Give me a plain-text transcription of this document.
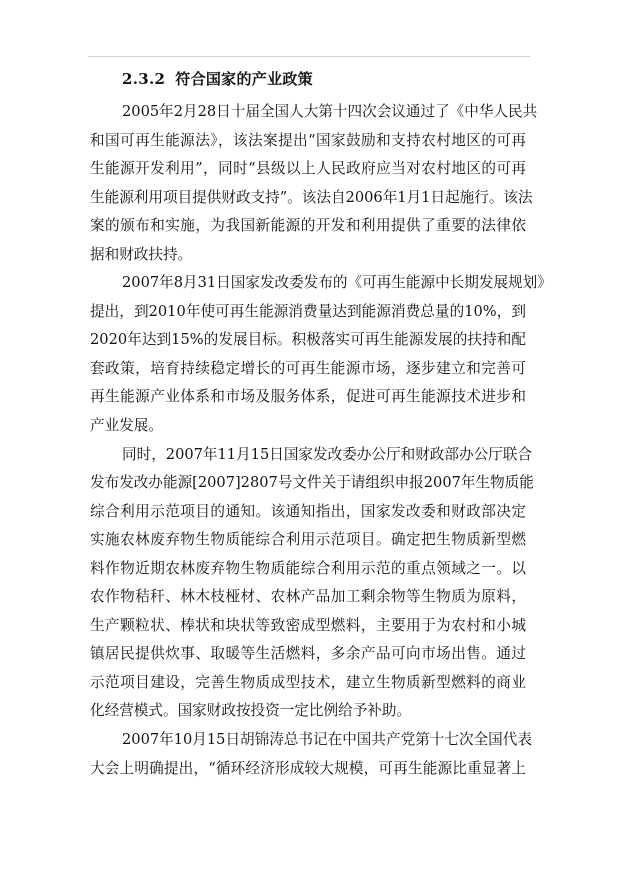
2.3.2 符合国家的产业政策
2005年2月28日十届全国人大第十四次会议通过了《中华人民共
和国可再生能源法》，该法案提出“国家鼓励和支持农村地区的可再
生能源开发利用”，同时“县级以上人民政府应当对农村地区的可再
生能源利用项目提供财政支持”。该法自2006年1月1日起施行。该法
案的颁布和实施，为我国新能源的开发和利用提供了重要的法律依
据和财政扶持。
2007年8月31日国家发改委发布的《可再生能源中长期发展规划》
提出，到2010年使可再生能源消费量达到能源消费总量的10%，到
2020年达到15%的发展目标。积极落实可再生能源发展的扶持和配
套政策，培育持续稳定增长的可再生能源市场，逐步建立和完善可
再生能源产业体系和市场及服务体系，促进可再生能源技术进步和
产业发展。
同时，2007年11月15日国家发改委办公厅和财政部办公厅联合
发布发改办能源[2007]2807号文件关于请组织申报2007年生物质能
综合利用示范项目的通知。该通知指出，国家发改委和财政部决定
实施农林废弃物生物质能综合利用示范项目。确定把生物质新型燃
料作物近期农林废弃物生物质能综合利用示范的重点领域之一。以
农作物秸秆、林木枝桠材、农林产品加工剩余物等生物质为原料，
生产颗粒状、棒状和块状等致密成型燃料，主要用于为农村和小城
镇居民提供炊事、取暖等生活燃料，多余产品可向市场出售。通过
示范项目建设，完善生物质成型技术，建立生物质新型燃料的商业
化经营模式。国家财政按投资一定比例给予补助。
2007年10月15日胡锦涛总书记在中国共产党第十七次全国代表
大会上明确提出，“循环经济形成较大规模，可再生能源比重显著上
